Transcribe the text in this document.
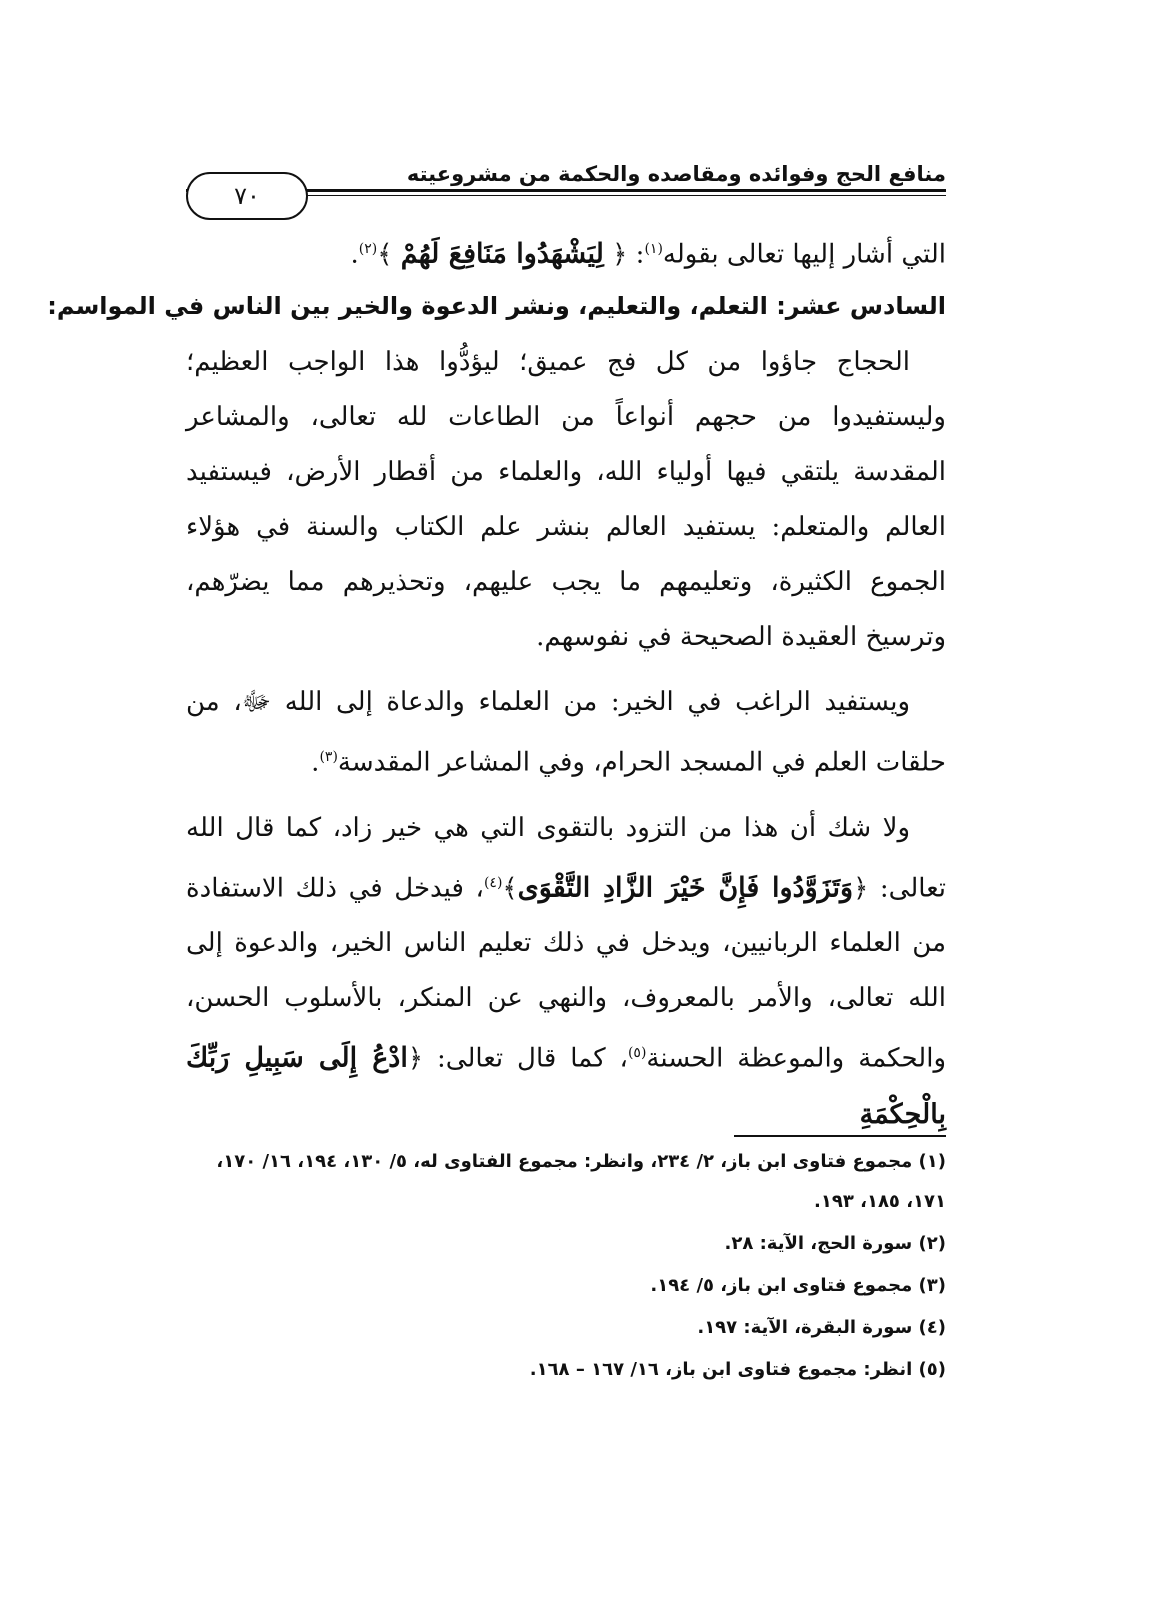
منافع الحج وفوائده ومقاصده والحكمة من مشروعيته
٧٠
التي أشار إليها تعالى بقوله$^{(١)}$: ﴿ لِيَشْهَدُوا مَنَافِعَ لَهُمْ ﴾$^{(٢)}$.
السادس عشر: التعلم، والتعليم، ونشر الدعوة والخير بين الناس في المواسم:

الحجاج جاؤوا من كل فج عميق؛ ليؤدُّوا هذا الواجب العظيم؛ وليستفيدوا من حجهم أنواعاً من الطاعات لله تعالى، والمشاعر المقدسة يلتقي فيها أولياء الله، والعلماء من أقطار الأرض، فيستفيد العالم والمتعلم: يستفيد العالم بنشر علم الكتاب والسنة في هؤلاء الجموع الكثيرة، وتعليمهم ما يجب عليهم، وتحذيرهم مما يضرّهم، وترسيخ العقيدة الصحيحة في نفوسهم.

ويستفيد الراغب في الخير: من العلماء والدعاة إلى الله ﷻ، من حلقات العلم في المسجد الحرام، وفي المشاعر المقدسة$^{(٣)}$.

ولا شك أن هذا من التزود بالتقوى التي هي خير زاد، كما قال الله تعالى: ﴿وَتَزَوَّدُوا فَإِنَّ خَيْرَ الزَّادِ التَّقْوَى﴾$^{(٤)}$، فيدخل في ذلك الاستفادة من العلماء الربانيين، ويدخل في ذلك تعليم الناس الخير، والدعوة إلى الله تعالى، والأمر بالمعروف، والنهي عن المنكر، بالأسلوب الحسن، والحكمة والموعظة الحسنة$^{(٥)}$، كما قال تعالى: ﴿ادْعُ إِلَى سَبِيلِ رَبِّكَ بِالْحِكْمَةِ

(١) مجموع فتاوى ابن باز، ٢/ ٢٣٤، وانظر: مجموع الفتاوى له، ٥/ ١٣٠، ١٩٤، ١٦/ ١٧٠، ١٧١، ١٨٥، ١٩٣.

(٢) سورة الحج، الآية: ٢٨.

(٣) مجموع فتاوى ابن باز، ٥/ ١٩٤.

(٤) سورة البقرة، الآية: ١٩٧.

(٥) انظر: مجموع فتاوى ابن باز، ١٦/ ١٦٧ – ١٦٨.
